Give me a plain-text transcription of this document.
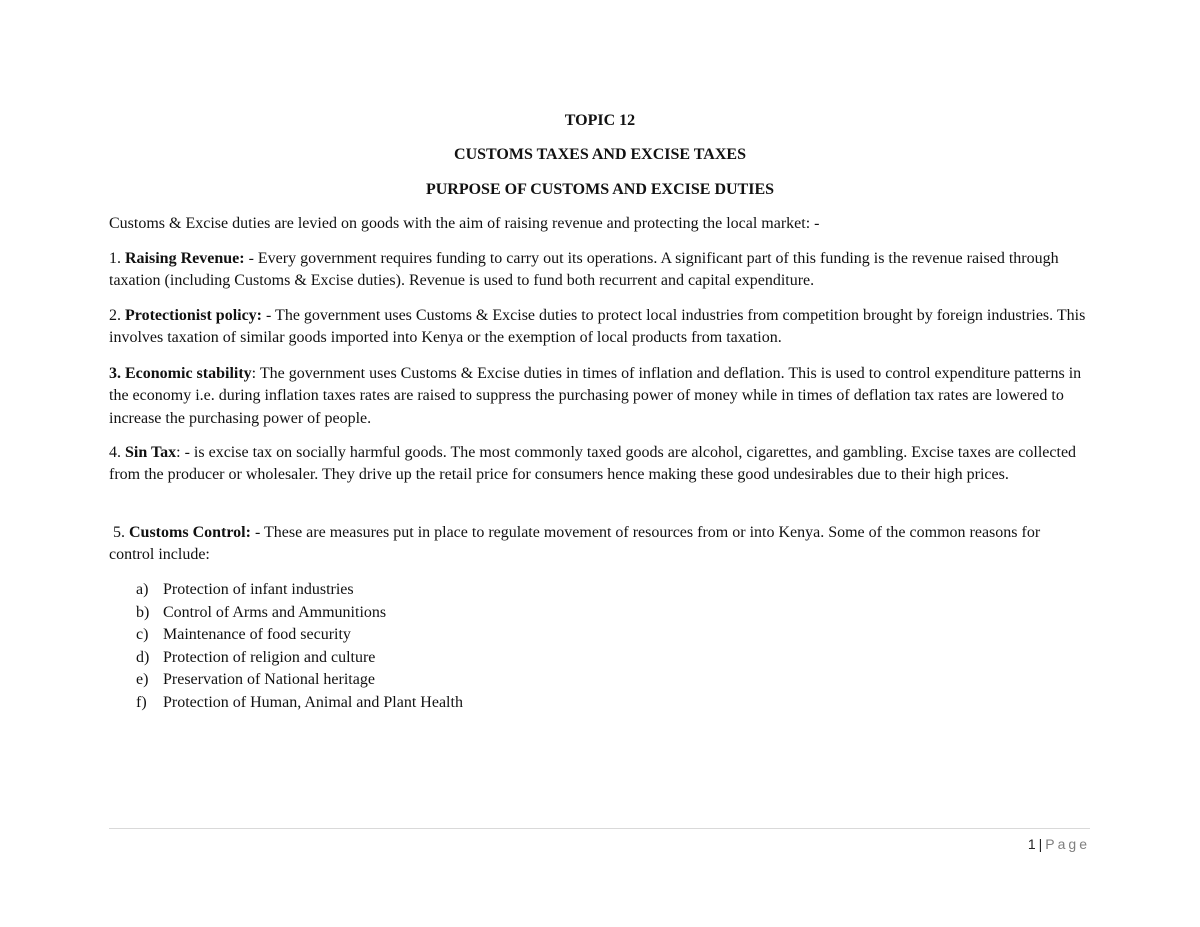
TOPIC 12
CUSTOMS TAXES AND EXCISE TAXES
PURPOSE OF CUSTOMS AND EXCISE DUTIES
Customs & Excise duties are levied on goods with the aim of raising revenue and protecting the local market: -
1. Raising Revenue: - Every government requires funding to carry out its operations. A significant part of this funding is the revenue raised through taxation (including Customs & Excise duties). Revenue is used to fund both recurrent and capital expenditure.
2. Protectionist policy: - The government uses Customs & Excise duties to protect local industries from competition brought by foreign industries. This involves taxation of similar goods imported into Kenya or the exemption of local products from taxation.
3. Economic stability: The government uses Customs & Excise duties in times of inflation and deflation. This is used to control expenditure patterns in the economy i.e. during inflation taxes rates are raised to suppress the purchasing power of money while in times of deflation tax rates are lowered to increase the purchasing power of people.
4. Sin Tax: - is excise tax on socially harmful goods. The most commonly taxed goods are alcohol, cigarettes, and gambling. Excise taxes are collected from the producer or wholesaler. They drive up the retail price for consumers hence making these good undesirables due to their high prices.
5. Customs Control: - These are measures put in place to regulate movement of resources from or into Kenya. Some of the common reasons for control include:
a) Protection of infant industries
b) Control of Arms and Ammunitions
c) Maintenance of food security
d) Protection of religion and culture
e) Preservation of National heritage
f)	Protection of Human, Animal and Plant Health
1 | Page
